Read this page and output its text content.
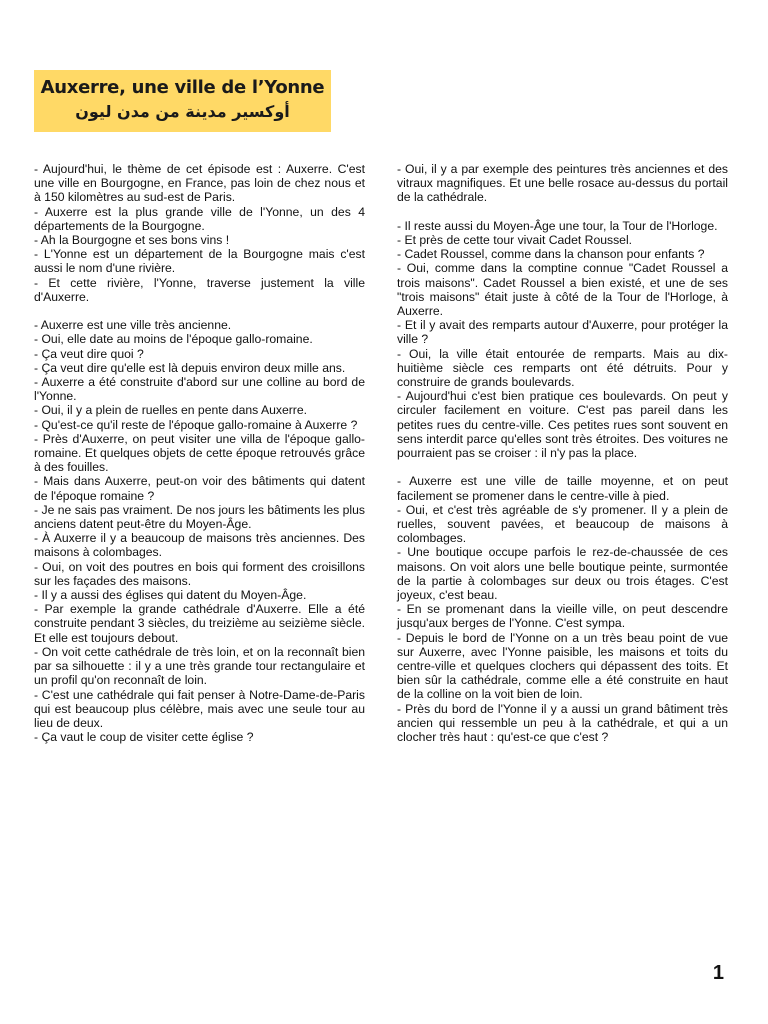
Auxerre, une ville de l’Yonne
أوكسير مدينة من مدن ليون

- Aujourd'hui, le thème de cet épisode est : Auxerre. C'est une ville en Bourgogne, en France, pas loin de chez nous et à 150 kilomètres au sud-est de Paris.

- Auxerre est la plus grande ville de l'Yonne, un des 4 départements de la Bourgogne.

- Ah la Bourgogne et ses bons vins !

- L'Yonne est un département de la Bourgogne mais c'est aussi le nom d'une rivière.

- Et cette rivière, l'Yonne, traverse justement la ville d'Auxerre.

- Auxerre est une ville très ancienne.

- Oui, elle date au moins de l'époque gallo-romaine.

- Ça veut dire quoi ?

- Ça veut dire qu'elle est là depuis environ deux mille ans.

- Auxerre a été construite d'abord sur une colline au bord de l'Yonne.

- Oui, il y a plein de ruelles en pente dans Auxerre.

- Qu'est-ce qu'il reste de l'époque gallo-romaine à Auxerre ?

- Près d'Auxerre, on peut visiter une villa de l'époque gallo-romaine. Et quelques objets de cette époque retrouvés grâce à des fouilles.

- Mais dans Auxerre, peut-on voir des bâtiments qui datent de l'époque romaine ?

- Je ne sais pas vraiment. De nos jours les bâtiments les plus anciens datent peut-être du Moyen-Âge.

- À Auxerre il y a beaucoup de maisons très anciennes. Des maisons à colombages.

- Oui, on voit des poutres en bois qui forment des croisillons sur les façades des maisons.

- Il y a aussi des églises qui datent du Moyen-Âge.

- Par exemple la grande cathédrale d'Auxerre. Elle a été construite pendant 3 siècles, du treizième au seizième siècle. Et elle est toujours debout.

- On voit cette cathédrale de très loin, et on la reconnaît bien par sa silhouette : il y a une très grande tour rectangulaire et un profil qu'on reconnaît de loin.

- C'est une cathédrale qui fait penser à Notre-Dame-de-Paris qui est beaucoup plus célèbre, mais avec une seule tour au lieu de deux.

- Ça vaut le coup de visiter cette église ?

- Oui, il y a par exemple des peintures très anciennes et des vitraux magnifiques. Et une belle rosace au-dessus du portail de la cathédrale.

- Il reste aussi du Moyen-Âge une tour, la Tour de l'Horloge.

- Et près de cette tour vivait Cadet Roussel.

- Cadet Roussel, comme dans la chanson pour enfants ?

- Oui, comme dans la comptine connue "Cadet Roussel a trois maisons". Cadet Roussel a bien existé, et une de ses "trois maisons" était juste à côté de la Tour de l'Horloge, à Auxerre.

- Et il y avait des remparts autour d'Auxerre, pour protéger la ville ?

- Oui, la ville était entourée de remparts. Mais au dix-huitième siècle ces remparts ont été détruits. Pour y construire de grands boulevards.

- Aujourd'hui c'est bien pratique ces boulevards. On peut y circuler facilement en voiture. C'est pas pareil dans les petites rues du centre-ville. Ces petites rues sont souvent en sens interdit parce qu'elles sont très étroites. Des voitures ne pourraient pas se croiser : il n'y pas la place.

- Auxerre est une ville de taille moyenne, et on peut facilement se promener dans le centre-ville à pied.

- Oui, et c'est très agréable de s'y promener. Il y a plein de ruelles, souvent pavées, et beaucoup de maisons à colombages.

- Une boutique occupe parfois le rez-de-chaussée de ces maisons. On voit alors une belle boutique peinte, surmontée de la partie à colombages sur deux ou trois étages. C'est joyeux, c'est beau.

- En se promenant dans la vieille ville, on peut descendre jusqu'aux berges de l'Yonne. C'est sympa.

- Depuis le bord de l'Yonne on a un très beau point de vue sur Auxerre, avec l'Yonne paisible, les maisons et toits du centre-ville et quelques clochers qui dépassent des toits. Et bien sûr la cathédrale, comme elle a été construite en haut de la colline on la voit bien de loin.

- Près du bord de l'Yonne il y a aussi un grand bâtiment très ancien qui ressemble un peu à la cathédrale, et qui a un clocher très haut : qu'est-ce que c'est ?

1
